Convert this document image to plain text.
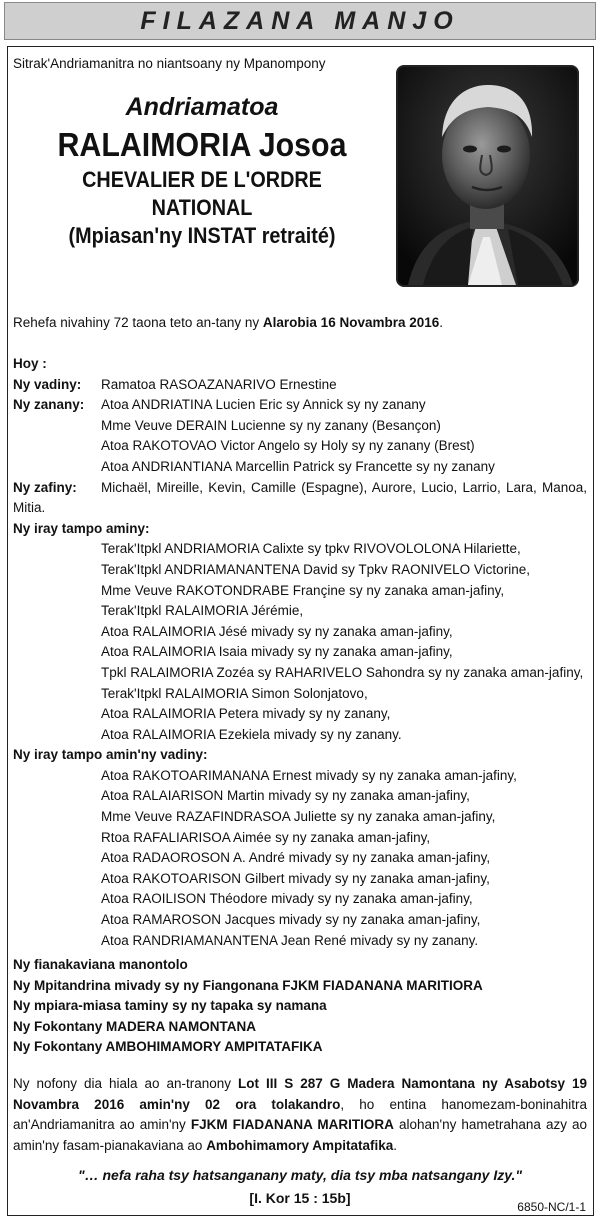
FILAZANA MANJO
Sitrak'Andriamanitra no niantsoany ny Mpanompony
Andriamatoa
RALAIMORIA Josoa
CHEVALIER DE L'ORDRE
NATIONAL
(Mpiasan'ny INSTAT retraité)
Rehefa nivahiny 72 taona teto an-tany ny Alarobia 16 Novambra 2016.
Hoy :
Ny vadiny: Ramatoa RASOAZANARIVO Ernestine
Ny zanany: Atoa ANDRIATINA Lucien Eric sy Annick sy ny zanany
Mme Veuve DERAIN Lucienne sy ny zanany (Besançon)
Atoa RAKOTOVAO Victor Angelo sy Holy sy ny zanany (Brest)
Atoa ANDRIANTIANA Marcellin Patrick sy Francette sy ny zanany
Ny zafiny: Michaël, Mireille, Kevin, Camille (Espagne), Aurore, Lucio, Larrio, Lara, Manoa, Mitia.
Ny iray tampo aminy:
Terak'Itpkl ANDRIAMORIA Calixte sy tpkv RIVOVOLOLONA Hilariette,
Terak'Itpkl ANDRIAMANANTENA David sy Tpkv RAONIVELO Victorine,
Mme Veuve RAKOTONDRABE Françine sy ny zanaka aman-jafiny,
Terak'Itpkl RALAIMORIA Jérémie,
Atoa RALAIMORIA Jésé mivady sy ny zanaka aman-jafiny,
Atoa RALAIMORIA Isaia mivady sy ny zanaka aman-jafiny,
Tpkl RALAIMORIA Zozéa sy RAHARIVELO Sahondra sy ny zanaka aman-jafiny,
Terak'Itpkl RALAIMORIA Simon Solonjatovo,
Atoa RALAIMORIA Petera mivady sy ny zanany,
Atoa RALAIMORIA Ezekiela mivady sy ny zanany.
Ny iray tampo amin'ny vadiny:
Atoa RAKOTOARIMANANA Ernest mivady sy ny zanaka aman-jafiny,
Atoa RALAIARISON Martin mivady sy ny zanaka aman-jafiny,
Mme Veuve RAZAFINDRASOA Juliette sy ny zanaka aman-jafiny,
Rtoa RAFALIARISOA Aimée sy ny zanaka aman-jafiny,
Atoa RADAOROSON A. André mivady sy ny zanaka aman-jafiny,
Atoa RAKOTOARISON Gilbert mivady sy ny zanaka aman-jafiny,
Atoa RAOILISON Théodore mivady sy ny zanaka aman-jafiny,
Atoa RAMAROSON Jacques mivady sy ny zanaka aman-jafiny,
Atoa RANDRIAMANANTENA Jean René mivady sy ny zanany.
Ny fianakaviana manontolo
Ny Mpitandrina mivady sy ny Fiangonana FJKM FIADANANA MARITIORA
Ny mpiara-miasa taminy sy ny tapaka sy namana
Ny Fokontany MADERA NAMONTANA
Ny Fokontany AMBOHIMAMORY AMPITATAFIKA
Ny nofony dia hiala ao an-tranony Lot III S 287 G Madera Namontana ny Asabotsy 19 Novambra 2016 amin'ny 02 ora tolakandro, ho entina hanomezam-boninahitra an'Andriamanitra ao amin'ny FJKM FIADANANA MARITIORA alohan'ny hametrahana azy ao amin'ny fasam-pianakaviana ao Ambohimamory Ampitatafika.
"… nefa raha tsy hatsanganany maty, dia tsy mba natsangany Izy."
[I. Kor 15 : 15b]
6850-NC/1-1
